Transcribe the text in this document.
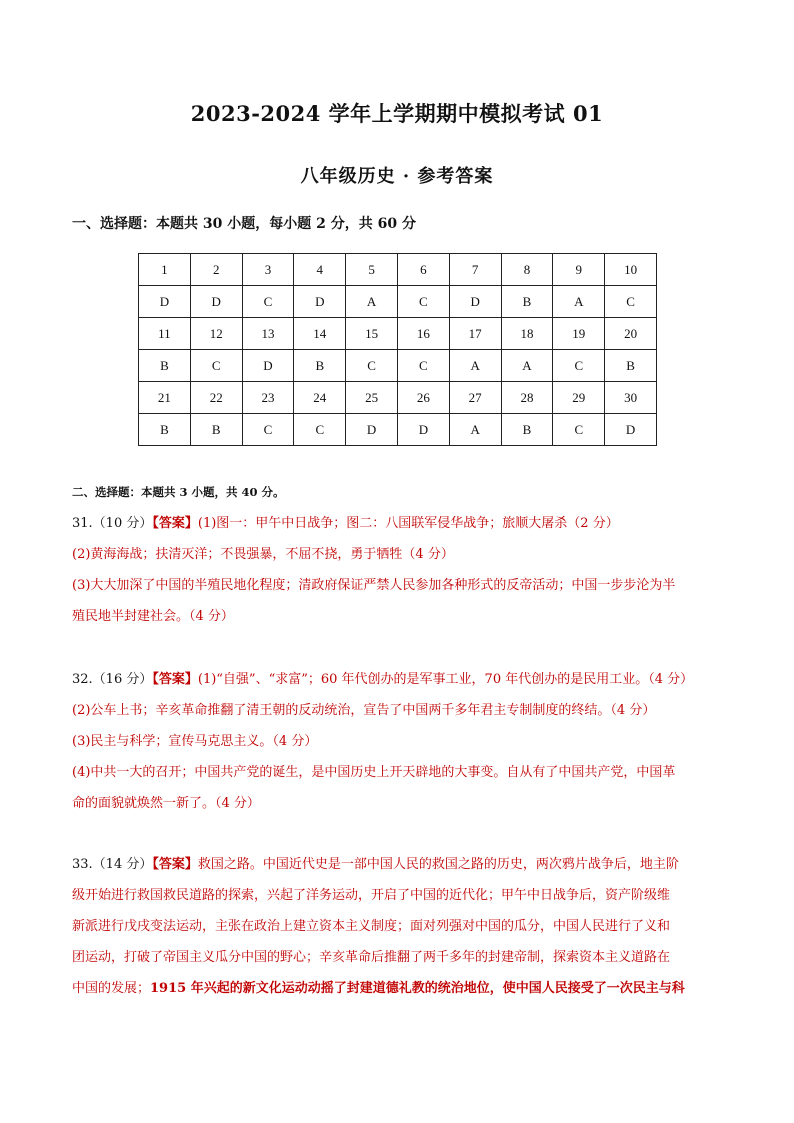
2023-2024 学年上学期期中模拟考试 01
八年级历史 · 参考答案
一、选择题：本题共 30 小题，每小题 2 分，共 60 分
1	2	3	4	5	6	7	8	9	10
D	D	C	D	A	C	D	B	A	C
11	12	13	14	15	16	17	18	19	20
B	C	D	B	C	C	A	A	C	B
21	22	23	24	25	26	27	28	29	30
B	B	C	C	D	D	A	B	C	D
二、选择题：本题共 3 小题，共 40 分。
31.（10 分）【答案】(1)图一：甲午中日战争；图二：八国联军侵华战争；旅顺大屠杀（2 分）
(2)黄海海战；扶清灭洋；不畏强暴，不屈不挠，勇于牺牲（4 分）
(3)大大加深了中国的半殖民地化程度；清政府保证严禁人民参加各种形式的反帝活动；中国一步步沦为半
殖民地半封建社会。（4 分）
32.（16 分）【答案】(1)“自强”、“求富”；60 年代创办的是军事工业，70 年代创办的是民用工业。（4 分）
(2)公车上书；辛亥革命推翻了清王朝的反动统治，宣告了中国两千多年君主专制制度的终结。（4 分）
(3)民主与科学；宣传马克思主义。（4 分）
(4)中共一大的召开；中国共产党的诞生，是中国历史上开天辟地的大事变。自从有了中国共产党，中国革
命的面貌就焕然一新了。（4 分）
33.（14 分）【答案】救国之路。中国近代史是一部中国人民的救国之路的历史，两次鸦片战争后，地主阶
级开始进行救国救民道路的探索，兴起了洋务运动，开启了中国的近代化；甲午中日战争后，资产阶级维
新派进行戊戌变法运动，主张在政治上建立资本主义制度；面对列强对中国的瓜分，中国人民进行了义和
团运动，打破了帝国主义瓜分中国的野心；辛亥革命后推翻了两千多年的封建帝制，探索资本主义道路在
中国的发展；1915 年兴起的新文化运动动摇了封建道德礼教的统治地位，使中国人民接受了一次民主与科
